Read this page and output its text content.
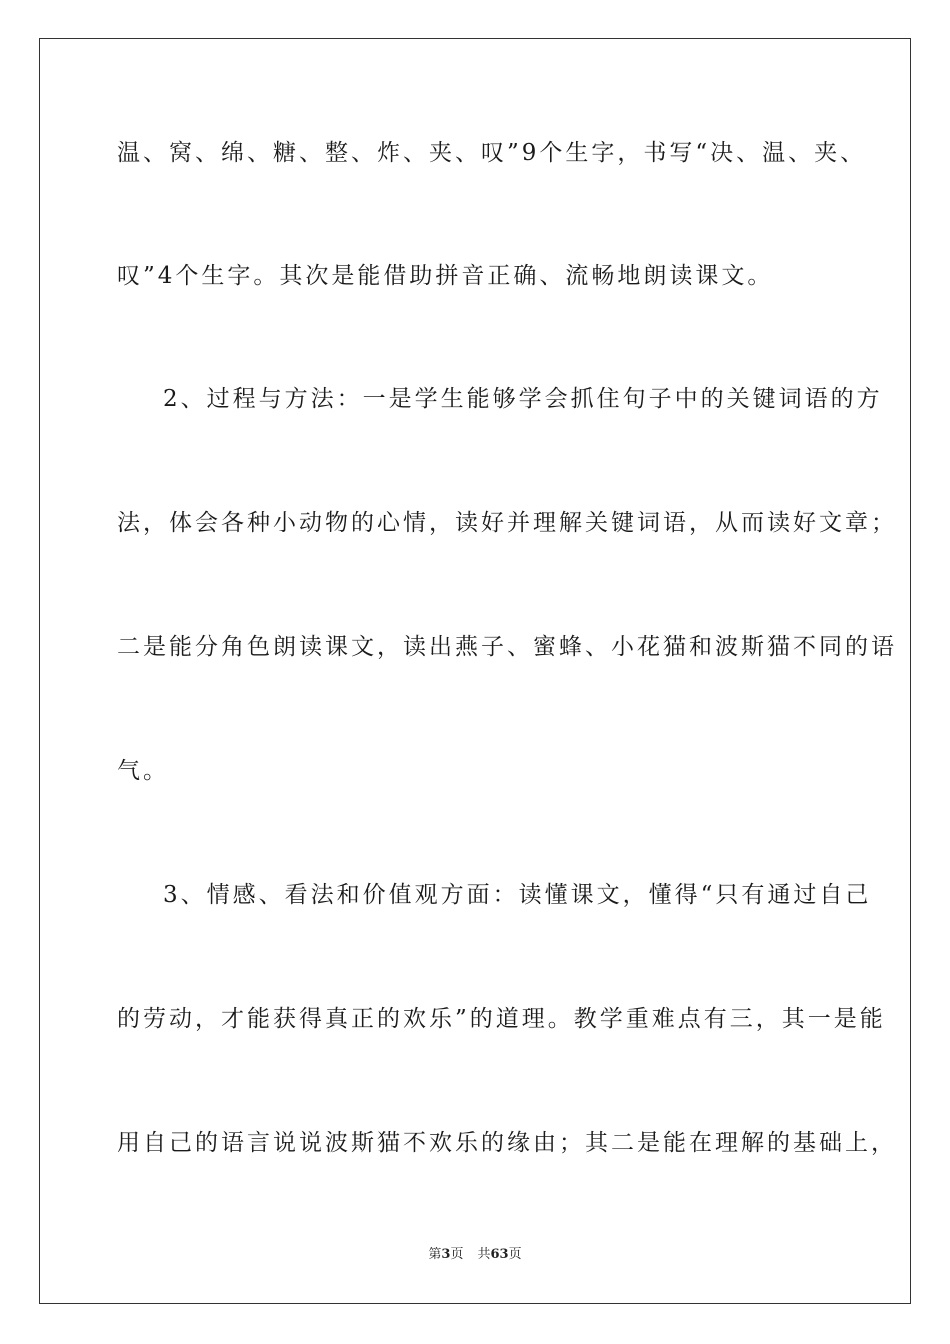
温、窝、绵、糖、整、炸、夹、叹”9个生字，书写“决、温、夹、
叹”4个生字。其次是能借助拼音正确、流畅地朗读课文。
2、过程与方法：一是学生能够学会抓住句子中的关键词语的方
法，体会各种小动物的心情，读好并理解关键词语，从而读好文章；
二是能分角色朗读课文，读出燕子、蜜蜂、小花猫和波斯猫不同的语
气。
3、情感、看法和价值观方面：读懂课文，懂得“只有通过自己
的劳动，才能获得真正的欢乐”的道理。教学重难点有三，其一是能
用自己的语言说说波斯猫不欢乐的缘由；其二是能在理解的基础上，
第3页 共63页
